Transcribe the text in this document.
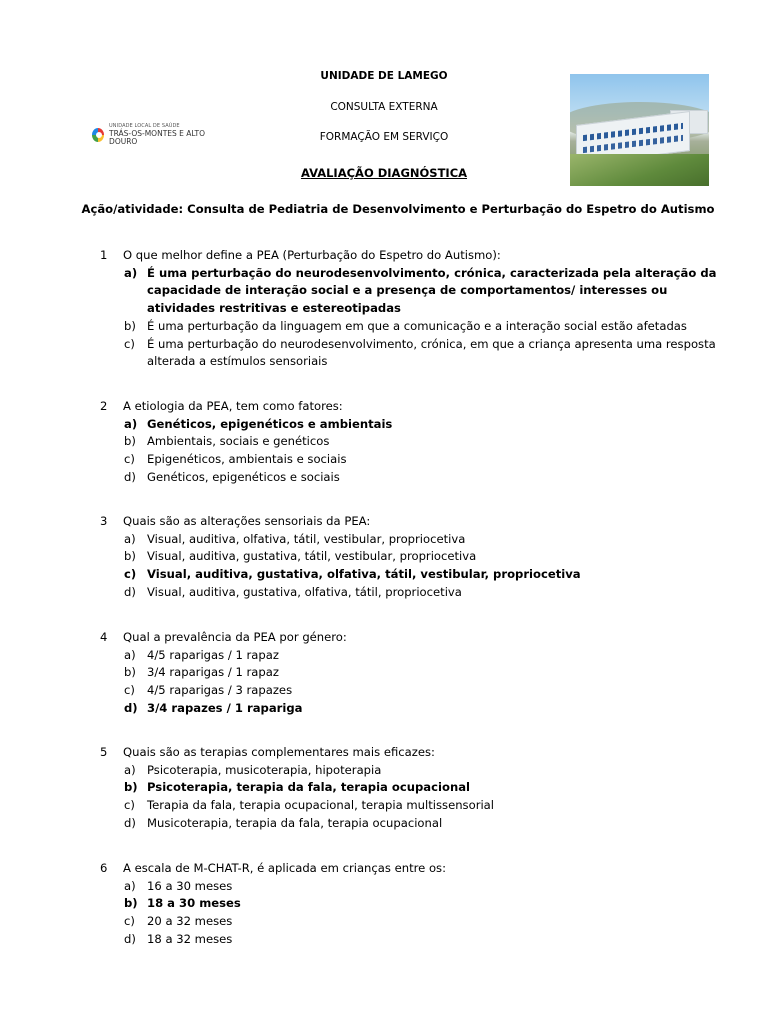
UNIDADE LOCAL DE SAÚDE
TRÁS-OS-MONTES E ALTO DOURO
UNIDADE DE LAMEGO
CONSULTA EXTERNA
FORMAÇÃO EM SERVIÇO
AVALIAÇÃO DIAGNÓSTICA
Ação/atividade: Consulta de Pediatria de Desenvolvimento e Perturbação do Espetro do Autismo
1 O que melhor define a PEA (Perturbação do Espetro do Autismo):
a) É uma perturbação do neurodesenvolvimento, crónica, caracterizada pela alteração da capacidade de interação social e a presença de comportamentos/ interesses ou atividades restritivas e estereotipadas
b) É uma perturbação da linguagem em que a comunicação e a interação social estão afetadas
c) É uma perturbação do neurodesenvolvimento, crónica, em que a criança apresenta uma resposta alterada a estímulos sensoriais
2 A etiologia da PEA, tem como fatores:
a) Genéticos, epigenéticos e ambientais
b) Ambientais, sociais e genéticos
c) Epigenéticos, ambientais e sociais
d) Genéticos, epigenéticos e sociais
3 Quais são as alterações sensoriais da PEA:
a) Visual, auditiva, olfativa, tátil, vestibular, propriocetiva
b) Visual, auditiva, gustativa, tátil, vestibular, propriocetiva
c) Visual, auditiva, gustativa, olfativa, tátil, vestibular, propriocetiva
d) Visual, auditiva, gustativa, olfativa, tátil, propriocetiva
4 Qual a prevalência da PEA por género:
a) 4/5 raparigas / 1 rapaz
b) 3/4 raparigas / 1 rapaz
c) 4/5 raparigas / 3 rapazes
d) 3/4 rapazes / 1 rapariga
5 Quais são as terapias complementares mais eficazes:
a) Psicoterapia, musicoterapia, hipoterapia
b) Psicoterapia, terapia da fala, terapia ocupacional
c) Terapia da fala, terapia ocupacional, terapia multissensorial
d) Musicoterapia, terapia da fala, terapia ocupacional
6 A escala de M-CHAT-R, é aplicada em crianças entre os:
a) 16 a 30 meses
b) 18 a 30 meses
c) 20 a 32 meses
d) 18 a 32 meses
